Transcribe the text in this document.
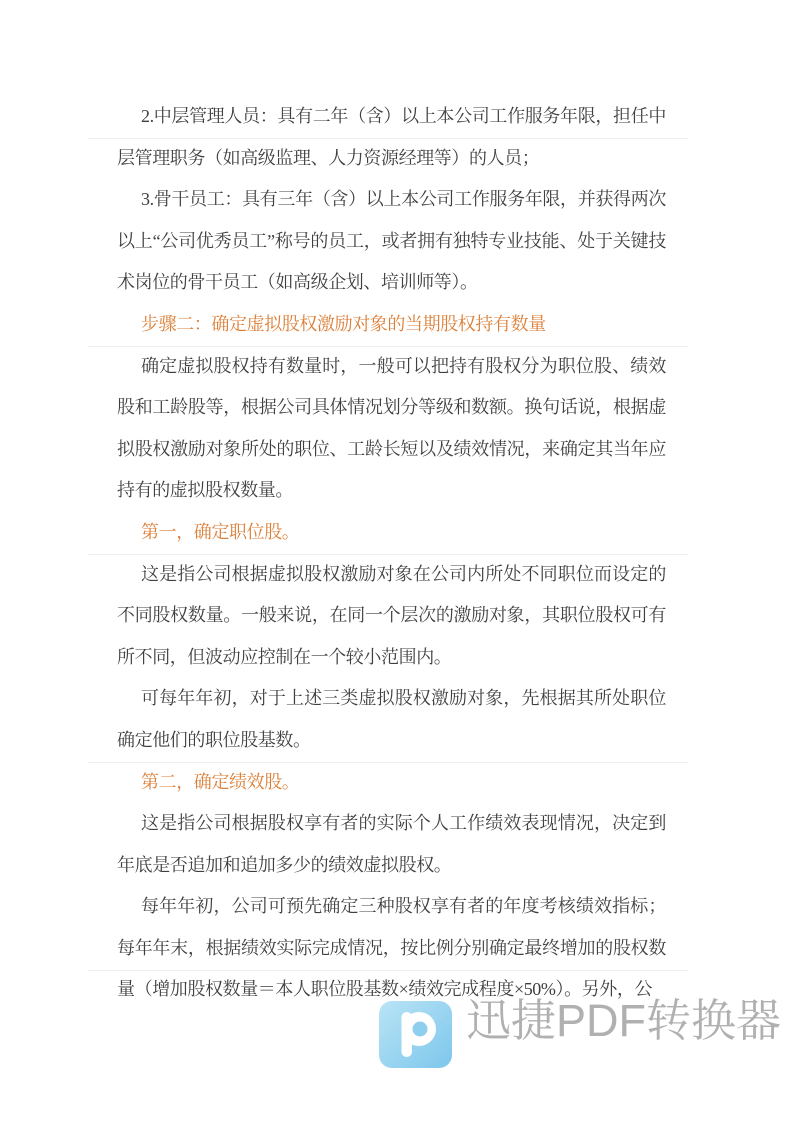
2.中层管理人员：具有二年（含）以上本公司工作服务年限，担任中层管理职务（如高级监理、人力资源经理等）的人员；

3.骨干员工：具有三年（含）以上本公司工作服务年限，并获得两次以上“公司优秀员工”称号的员工，或者拥有独特专业技能、处于关键技术岗位的骨干员工（如高级企划、培训师等）。

步骤二：确定虚拟股权激励对象的当期股权持有数量

确定虚拟股权持有数量时，一般可以把持有股权分为职位股、绩效股和工龄股等，根据公司具体情况划分等级和数额。换句话说，根据虚拟股权激励对象所处的职位、工龄长短以及绩效情况，来确定其当年应持有的虚拟股权数量。

第一，确定职位股。

这是指公司根据虚拟股权激励对象在公司内所处不同职位而设定的不同股权数量。一般来说，在同一个层次的激励对象，其职位股权可有所不同，但波动应控制在一个较小范围内。

可每年年初，对于上述三类虚拟股权激励对象，先根据其所处职位确定他们的职位股基数。

第二，确定绩效股。

这是指公司根据股权享有者的实际个人工作绩效表现情况，决定到年底是否追加和追加多少的绩效虚拟股权。

每年年初，公司可预先确定三种股权享有者的年度考核绩效指标；每年年末，根据绩效实际完成情况，按比例分别确定最终增加的股权数量（增加股权数量＝本人职位股基数×绩效完成程度×50%）。另外，公

迅捷PDF转换器
